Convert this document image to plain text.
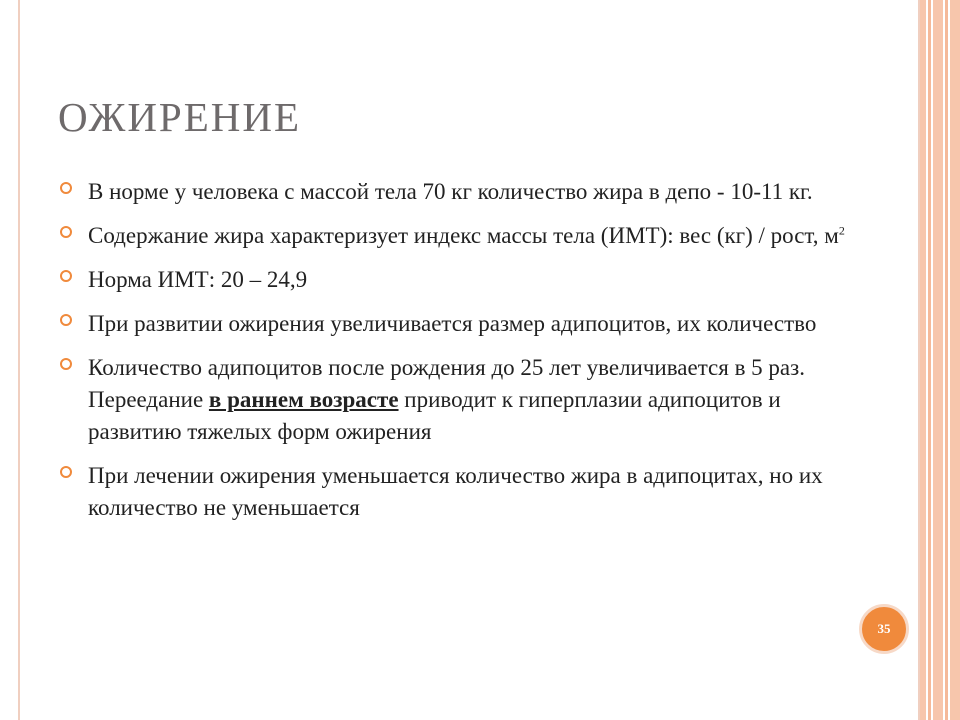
ОЖИРЕНИЕ
В норме у человека с массой тела 70 кг количество жира в депо - 10-11 кг.
Содержание жира характеризует индекс массы тела (ИМТ): вес (кг) / рост, $м^2$
Норма ИМТ: 20 – 24,9
При развитии ожирения увеличивается размер адипоцитов, их количество
Количество адипоцитов после рождения до 25 лет увеличивается в 5 раз. Переедание в раннем возрасте приводит к гиперплазии адипоцитов и развитию тяжелых форм ожирения
При лечении ожирения уменьшается количество жира в адипоцитах, но их количество не уменьшается
35
